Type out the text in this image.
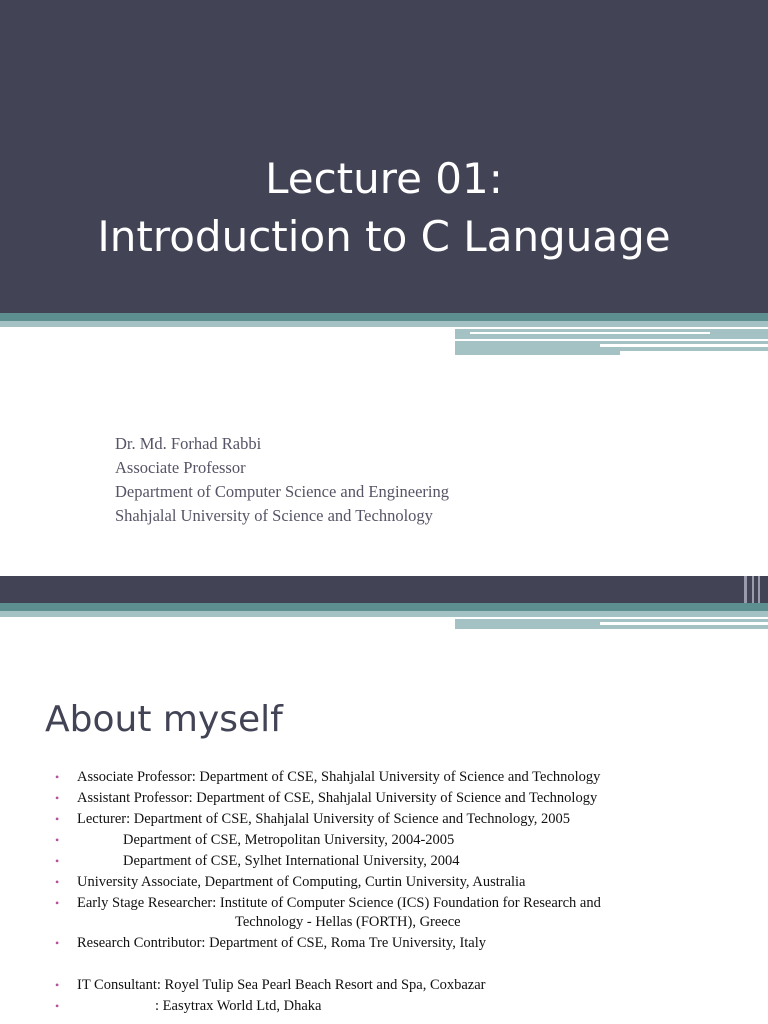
Lecture 01:
Introduction to C Language
Dr. Md. Forhad Rabbi
Associate Professor
Department of Computer Science and Engineering
Shahjalal University of Science and Technology
About myself
• Associate Professor: Department of CSE, Shahjalal University of Science and Technology
• Assistant Professor: Department of CSE, Shahjalal University of Science and Technology
• Lecturer: Department of CSE, Shahjalal University of Science and Technology, 2005
•	Department of CSE, Metropolitan University, 2004-2005
•	Department of CSE, Sylhet International University, 2004
• University Associate, Department of Computing, Curtin University, Australia
• Early Stage Researcher: Institute of Computer Science (ICS) Foundation for Research and
Technology - Hellas (FORTH), Greece
• Research Contributor: Department of CSE, Roma Tre University, Italy
• IT Consultant: Royel Tulip Sea Pearl Beach Resort and Spa, Coxbazar
•	: Easytrax World Ltd, Dhaka
